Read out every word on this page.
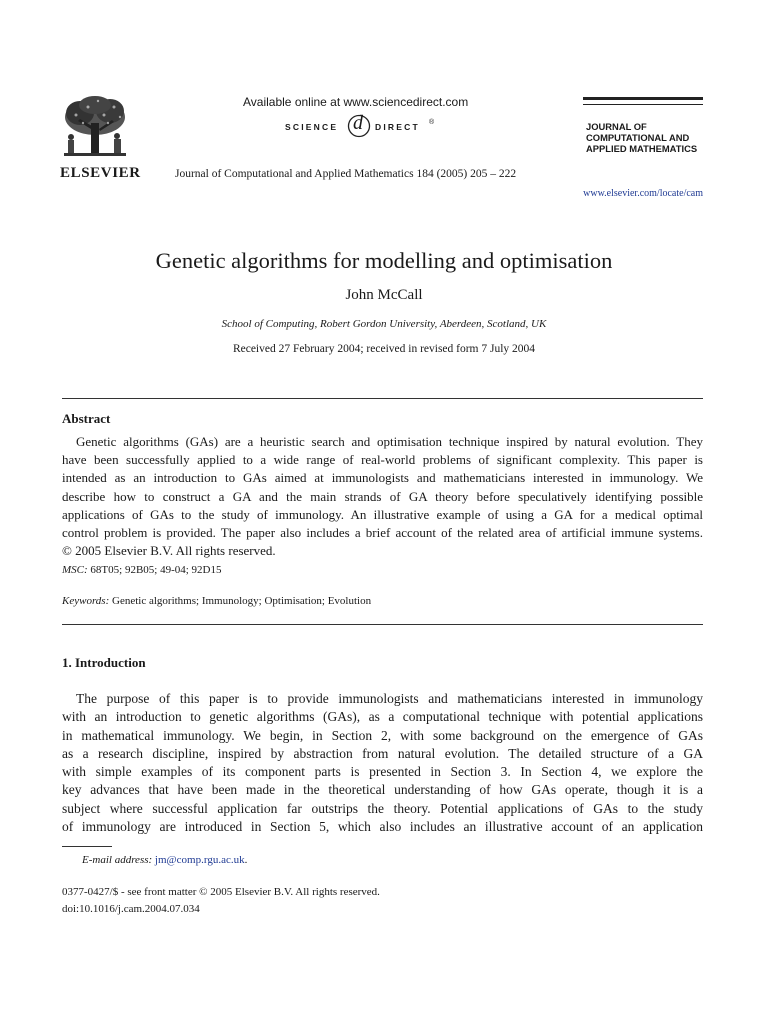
ELSEVIER
Available online at www.sciencedirect.com
SCIENCE d DIRECT ®
Journal of Computational and Applied Mathematics 184 (2005) 205 – 222
JOURNAL OF
COMPUTATIONAL AND
APPLIED MATHEMATICS
www.elsevier.com/locate/cam
Genetic algorithms for modelling and optimisation
John McCall
School of Computing, Robert Gordon University, Aberdeen, Scotland, UK
Received 27 February 2004; received in revised form 7 July 2004
Abstract
Genetic algorithms (GAs) are a heuristic search and optimisation technique inspired by natural evolution. They
have been successfully applied to a wide range of real-world problems of significant complexity. This paper is
intended as an introduction to GAs aimed at immunologists and mathematicians interested in immunology. We
describe how to construct a GA and the main strands of GA theory before speculatively identifying possible
applications of GAs to the study of immunology. An illustrative example of using a GA for a medical optimal
control problem is provided. The paper also includes a brief account of the related area of artificial immune systems.
© 2005 Elsevier B.V. All rights reserved.
MSC: 68T05; 92B05; 49-04; 92D15
Keywords: Genetic algorithms; Immunology; Optimisation; Evolution
1. Introduction
The purpose of this paper is to provide immunologists and mathematicians interested in immunology
with an introduction to genetic algorithms (GAs), as a computational technique with potential applications
in mathematical immunology. We begin, in Section 2, with some background on the emergence of GAs
as a research discipline, inspired by abstraction from natural evolution. The detailed structure of a GA
with simple examples of its component parts is presented in Section 3. In Section 4, we explore the
key advances that have been made in the theoretical understanding of how GAs operate, though it is a
subject where successful application far outstrips the theory. Potential applications of GAs to the study
of immunology are introduced in Section 5, which also includes an illustrative account of an application
E-mail address: jm@comp.rgu.ac.uk.
0377-0427/$ - see front matter © 2005 Elsevier B.V. All rights reserved.
doi:10.1016/j.cam.2004.07.034
